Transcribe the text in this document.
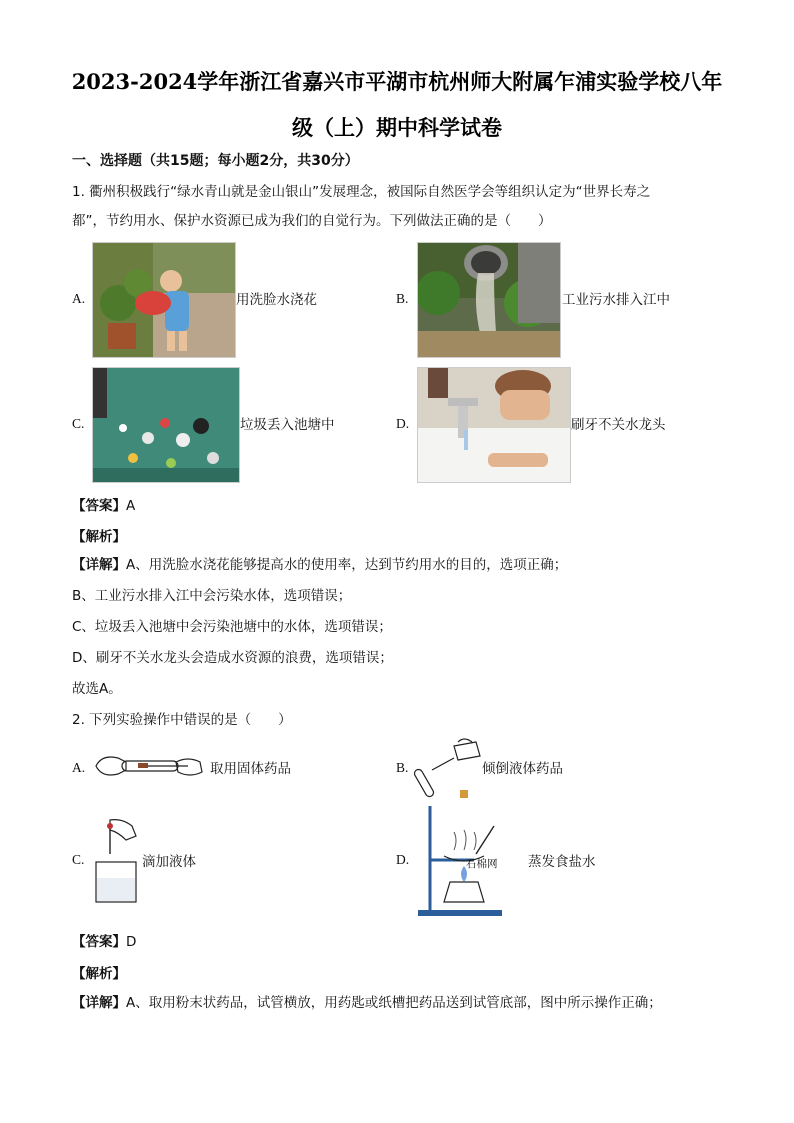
2023-2024学年浙江省嘉兴市平湖市杭州师大附属乍浦实验学校八年
级（上）期中科学试卷
一、选择题（共15题；每小题2分，共30分）
1. 衢州积极践行“绿水青山就是金山银山”发展理念，被国际自然医学会等组织认定为“世界长寿之
都”，节约用水、保护水资源已成为我们的自觉行为。下列做法正确的是（　　）
A.	用洗脸水浇花	B.	工业污水排入江中
C.	垃圾丢入池塘中	D.	刷牙不关水龙头
【答案】A
【解析】
【详解】A、用洗脸水浇花能够提高水的使用率，达到节约用水的目的，选项正确；
B、工业污水排入江中会污染水体，选项错误；
C、垃圾丢入池塘中会污染池塘中的水体，选项错误；
D、刷牙不关水龙头会造成水资源的浪费，选项错误；
故选A。
2. 下列实验操作中错误的是（　　）
A.	取用固体药品	B.	倾倒液体药品
C.	滴加液体	D.	石棉网 蒸发食盐水
【答案】D
【解析】
【详解】A、取用粉末状药品，试管横放，用药匙或纸槽把药品送到试管底部，图中所示操作正确；
